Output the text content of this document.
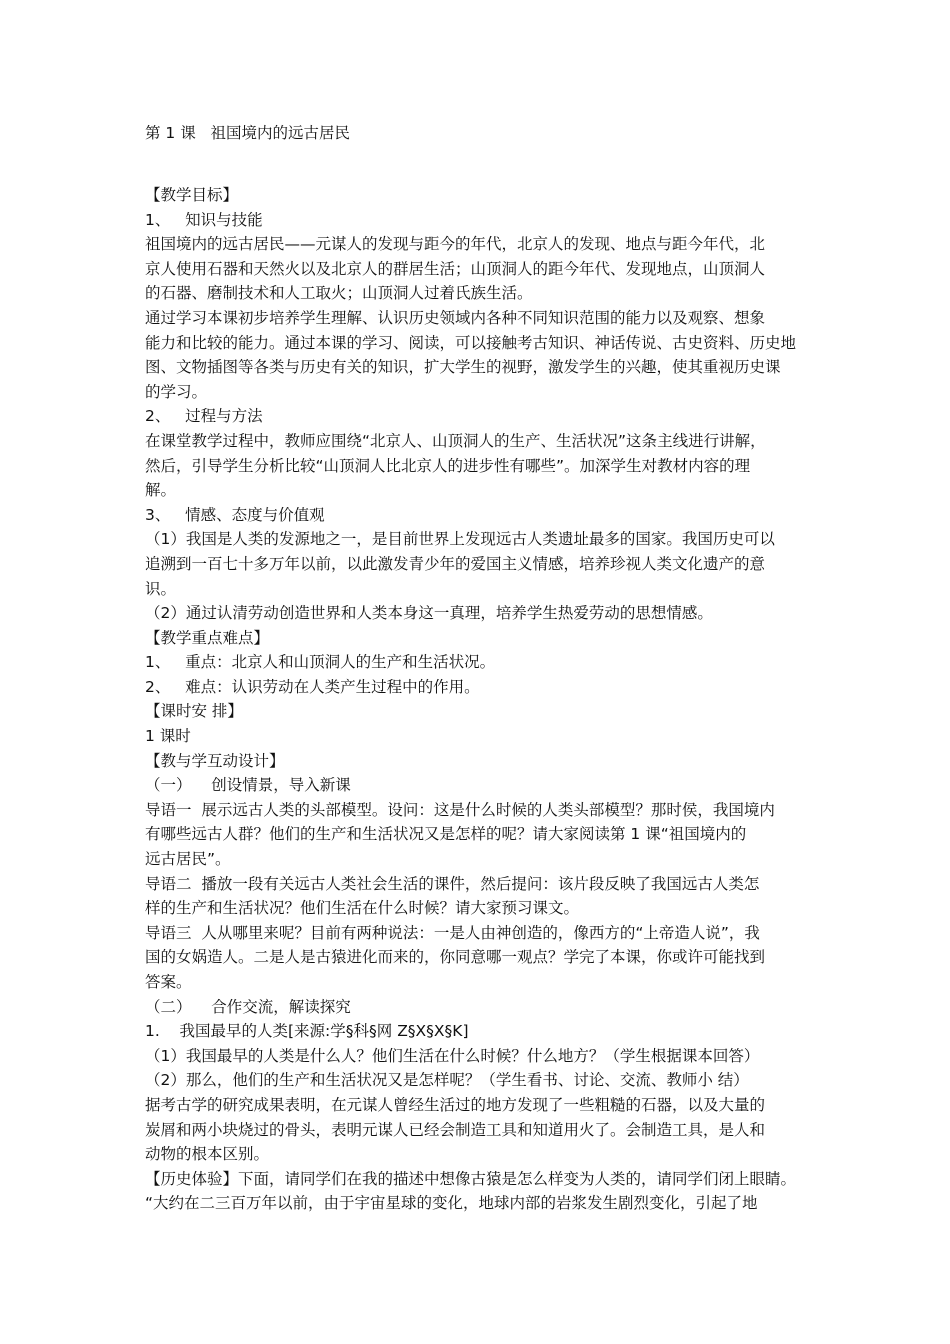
第 1 课   祖国境内的远古居民
【教学目标】
1、   知识与技能
祖国境内的远古居民——元谋人的发现与距今的年代，北京人的发现、地点与距今年代，北
京人使用石器和天然火以及北京人的群居生活；山顶洞人的距今年代、发现地点，山顶洞人
的石器、磨制技术和人工取火；山顶洞人过着氏族生活。
通过学习本课初步培养学生理解、认识历史领域内各种不同知识范围的能力以及观察、想象
能力和比较的能力。通过本课的学习、阅读，可以接触考古知识、神话传说、古史资料、历史地
图、文物插图等各类与历史有关的知识，扩大学生的视野，激发学生的兴趣，使其重视历史课
的学习。
2、   过程与方法
在课堂教学过程中，教师应围绕“北京人、山顶洞人的生产、生活状况”这条主线进行讲解，
然后，引导学生分析比较“山顶洞人比北京人的进步性有哪些”。加深学生对教材内容的理
解。
3、   情感、态度与价值观
（1）我国是人类的发源地之一，是目前世界上发现远古人类遗址最多的国家。我国历史可以
追溯到一百七十多万年以前，以此激发青少年的爱国主义情感，培养珍视人类文化遗产的意
识。
（2）通过认清劳动创造世界和人类本身这一真理，培养学生热爱劳动的思想情感。
【教学重点难点】
1、   重点：北京人和山顶洞人的生产和生活状况。
2、   难点：认识劳动在人类产生过程中的作用。
【课时安 排】
1 课时
【教与学互动设计】
（一）    创设情景，导入新课
导语一  展示远古人类的头部模型。设问：这是什么时候的人类头部模型？那时侯，我国境内
有哪些远古人群？他们的生产和生活状况又是怎样的呢？请大家阅读第 1 课“祖国境内的
远古居民”。
导语二  播放一段有关远古人类社会生活的课件，然后提问：该片段反映了我国远古人类怎
样的生产和生活状况？他们生活在什么时候？请大家预习课文。
导语三  人从哪里来呢？目前有两种说法：一是人由神创造的，像西方的“上帝造人说”，我
国的女娲造人。二是人是古猿进化而来的，你同意哪一观点？学完了本课，你或许可能找到
答案。
（二）    合作交流，解读探究
1.    我国最早的人类[来源:学§科§网 Z§X§X§K]
（1）我国最早的人类是什么人？他们生活在什么时候？什么地方？（学生根据课本回答）
（2）那么，他们的生产和生活状况又是怎样呢？（学生看书、讨论、交流、教师小 结）
据考古学的研究成果表明，在元谋人曾经生活过的地方发现了一些粗糙的石器，以及大量的
炭屑和两小块烧过的骨头，表明元谋人已经会制造工具和知道用火了。会制造工具，是人和
动物的根本区别。
【历史体验】下面，请同学们在我的描述中想像古猿是怎么样变为人类的，请同学们闭上眼睛。
“大约在二三百万年以前，由于宇宙星球的变化，地球内部的岩浆发生剧烈变化，引起了地
